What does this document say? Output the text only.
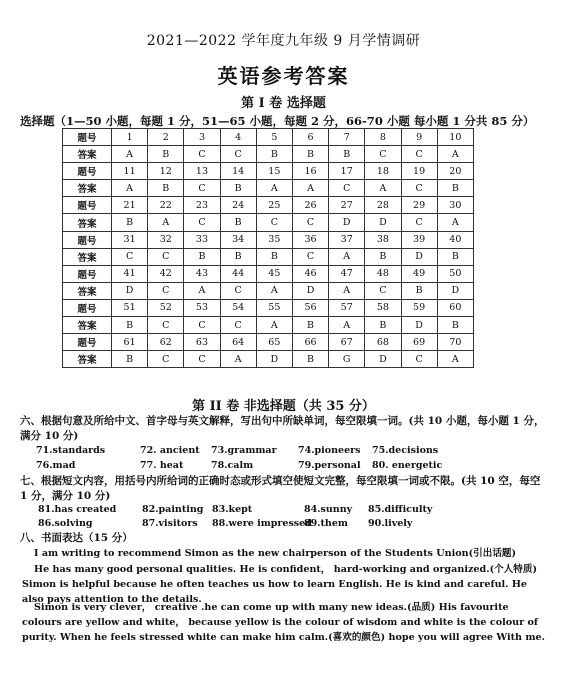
2021—2022 学年度九年级 9 月学情调研
英语参考答案
第 I 卷 选择题
选择题（1—50 小题，每题 1 分，51—65 小题，每题 2 分，66-70 小题 每小题 1 分共 85 分）
题号	1	2	3	4	5	6	7	8	9	10
答案	A	B	C	C	B	B	B	C	C	A
题号	11	12	13	14	15	16	17	18	19	20
答案	A	B	C	B	A	A	C	A	C	B
题号	21	22	23	24	25	26	27	28	29	30
答案	B	A	C	B	C	C	D	D	C	A
题号	31	32	33	34	35	36	37	38	39	40
答案	C	C	B	B	B	C	A	B	D	B
题号	41	42	43	44	45	46	47	48	49	50
答案	D	C	A	C	A	D	A	C	B	D
题号	51	52	53	54	55	56	57	58	59	60
答案	B	C	C	C	A	B	A	B	D	B
题号	61	62	63	64	65	66	67	68	69	70
答案	B	C	C	A	D	B	G	D	C	A
第 II 卷 非选择题（共 35 分）
六、根据句意及所给中文、首字母与英文解释，写出句中所缺单词，每空限填一词。(共 10 小题，每小题 1 分，满分 10 分)
71.standards	72. ancient 73.grammar 74.pioneers 75.decisions
76.mad	77. heat	78.calm	79.personal 80. energetic
七、根据短文内容，用括号内所给词的正确时态或形式填空使短文完整，每空限填一词或不限。(共 10 空，每空 1 分，满分 10 分)
81.has created	82.painting 83.kept	84.sunny 85.difficulty
86.solving	87.visitors 88.were impressed
89.them 90.lively
八、书面表达（15 分）
I am writing to recommend Simon as the new chairperson of the Students Union(引出话题)
He has many good personal qualities. He is confident， hard-working and organized.(个人特质)
Simon is helpful because he often teaches us how to learn English. He is kind and careful. He also pays attention to the details.
Simon is very clever， creative .he can come up with many new ideas.(品质) His favourite colours are yellow and white， because yellow is the colour of wisdom and white is the colour of purity. When he feels stressed white can make him calm.(喜欢的颜色) hope you will agree With me.
